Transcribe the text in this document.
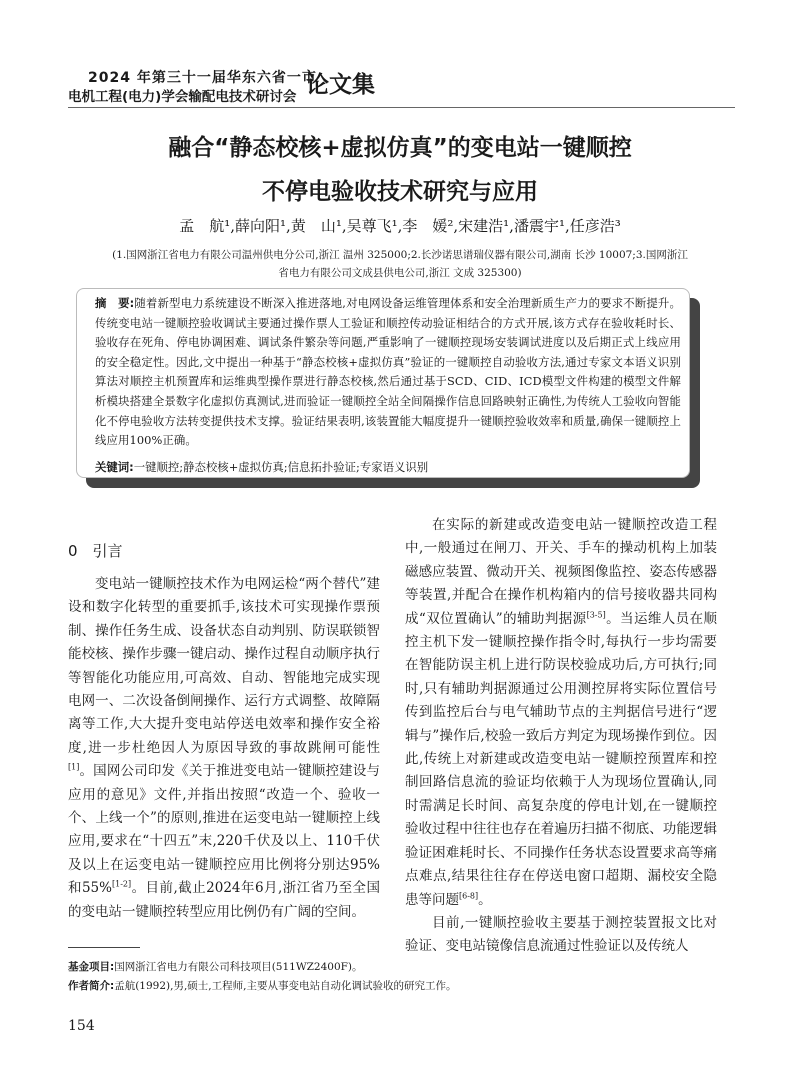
2024 年第三十一届华东六省一市
电机工程(电力)学会输配电技术研讨会 论文集
融合“静态校核+虚拟仿真”的变电站一键顺控
不停电验收技术研究与应用
孟　航¹,薛向阳¹,黄　山¹,吴尊飞¹,李　媛²,宋建浩¹,潘震宇¹,任彦浩³
(1.国网浙江省电力有限公司温州供电分公司,浙江 温州 325000;2.长沙诺思谱瑞仪器有限公司,湖南 长沙 10007;3.国网浙江
省电力有限公司文成县供电公司,浙江 文成 325300)
摘　要:随着新型电力系统建设不断深入推进落地,对电网设备运维管理体系和安全治理新质生产力的要求不断提升。传统变电站一键顺控验收调试主要通过操作票人工验证和顺控传动验证相结合的方式开展,该方式存在验收耗时长、验收存在死角、停电协调困难、调试条件繁杂等问题,严重影响了一键顺控现场安装调试进度以及后期正式上线应用的安全稳定性。因此,文中提出一种基于“静态校核+虚拟仿真”验证的一键顺控自动验收方法,通过专家文本语义识别算法对顺控主机预置库和运维典型操作票进行静态校核,然后通过基于SCD、CID、ICD模型文件构建的模型文件解析模块搭建全景数字化虚拟仿真测试,进而验证一键顺控全站全间隔操作信息回路映射正确性,为传统人工验收向智能化不停电验收方法转变提供技术支撑。验证结果表明,该装置能大幅度提升一键顺控验收效率和质量,确保一键顺控上线应用100%正确。
关键词:一键顺控;静态校核+虚拟仿真;信息拓扑验证;专家语义识别
0　引言

变电站一键顺控技术作为电网运检“两个替代”建设和数字化转型的重要抓手,该技术可实现操作票预制、操作任务生成、设备状态自动判别、防误联锁智能校核、操作步骤一键启动、操作过程自动顺序执行等智能化功能应用,可高效、自动、智能地完成实现电网一、二次设备倒闸操作、运行方式调整、故障隔离等工作,大大提升变电站停送电效率和操作安全裕度,进一步杜绝因人为原因导致的事故跳闸可能性[1]。国网公司印发《关于推进变电站一键顺控建设与应用的意见》文件,并指出按照“改造一个、验收一个、上线一个”的原则,推进在运变电站一键顺控上线应用,要求在“十四五”末,220千伏及以上、110千伏及以上在运变电站一键顺控应用比例将分别达95%和55%[1-2]。目前,截止2024年6月,浙江省乃至全国的变电站一键顺控转型应用比例仍有广阔的空间。

在实际的新建或改造变电站一键顺控改造工程中,一般通过在闸刀、开关、手车的操动机构上加装磁感应装置、微动开关、视频图像监控、姿态传感器等装置,并配合在操作机构箱内的信号接收器共同构成“双位置确认”的辅助判据源[3-5]。当运维人员在顺控主机下发一键顺控操作指令时,每执行一步均需要在智能防误主机上进行防误校验成功后,方可执行;同时,只有辅助判据源通过公用测控屏将实际位置信号传到监控后台与电气辅助节点的主判据信号进行“逻辑与”操作后,校验一致后方判定为现场操作到位。因此,传统上对新建或改造变电站一键顺控预置库和控制回路信息流的验证均依赖于人为现场位置确认,同时需满足长时间、高复杂度的停电计划,在一键顺控验收过程中往往也存在着遍历扫描不彻底、功能逻辑验证困难耗时长、不同操作任务状态设置要求高等痛点难点,结果往往存在停送电窗口超期、漏校安全隐患等问题[6-8]。

目前,一键顺控验收主要基于测控装置报文比对验证、变电站镜像信息流通过性验证以及传统人

基金项目:国网浙江省电力有限公司科技项目(511WZ2400F)。
作者简介:孟航(1992),男,硕士,工程师,主要从事变电站自动化调试验收的研究工作。
154
